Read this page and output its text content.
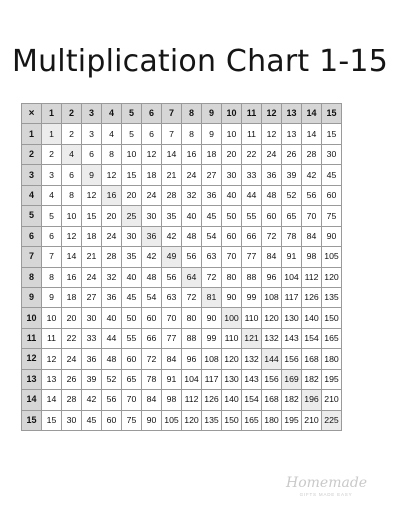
Multiplication Chart 1-15
×	1	2	3	4	5	6	7	8	9	10	11	12	13	14	15
1	1	2	3	4	5	6	7	8	9	10	11	12	13	14	15
2	2	4	6	8	10	12	14	16	18	20	22	24	26	28	30
3	3	6	9	12	15	18	21	24	27	30	33	36	39	42	45
4	4	8	12	16	20	24	28	32	36	40	44	48	52	56	60
5	5	10	15	20	25	30	35	40	45	50	55	60	65	70	75
6	6	12	18	24	30	36	42	48	54	60	66	72	78	84	90
7	7	14	21	28	35	42	49	56	63	70	77	84	91	98	105
8	8	16	24	32	40	48	56	64	72	80	88	96	104	112	120
9	9	18	27	36	45	54	63	72	81	90	99	108	117	126	135
10	10	20	30	40	50	60	70	80	90	100	110	120	130	140	150
11	11	22	33	44	55	66	77	88	99	110	121	132	143	154	165
12	12	24	36	48	60	72	84	96	108	120	132	144	156	168	180
13	13	26	39	52	65	78	91	104	117	130	143	156	169	182	195
14	14	28	42	56	70	84	98	112	126	140	154	168	182	196	210
15	15	30	45	60	75	90	105	120	135	150	165	180	195	210	225
Homemade
GIFTS MADE EASY
